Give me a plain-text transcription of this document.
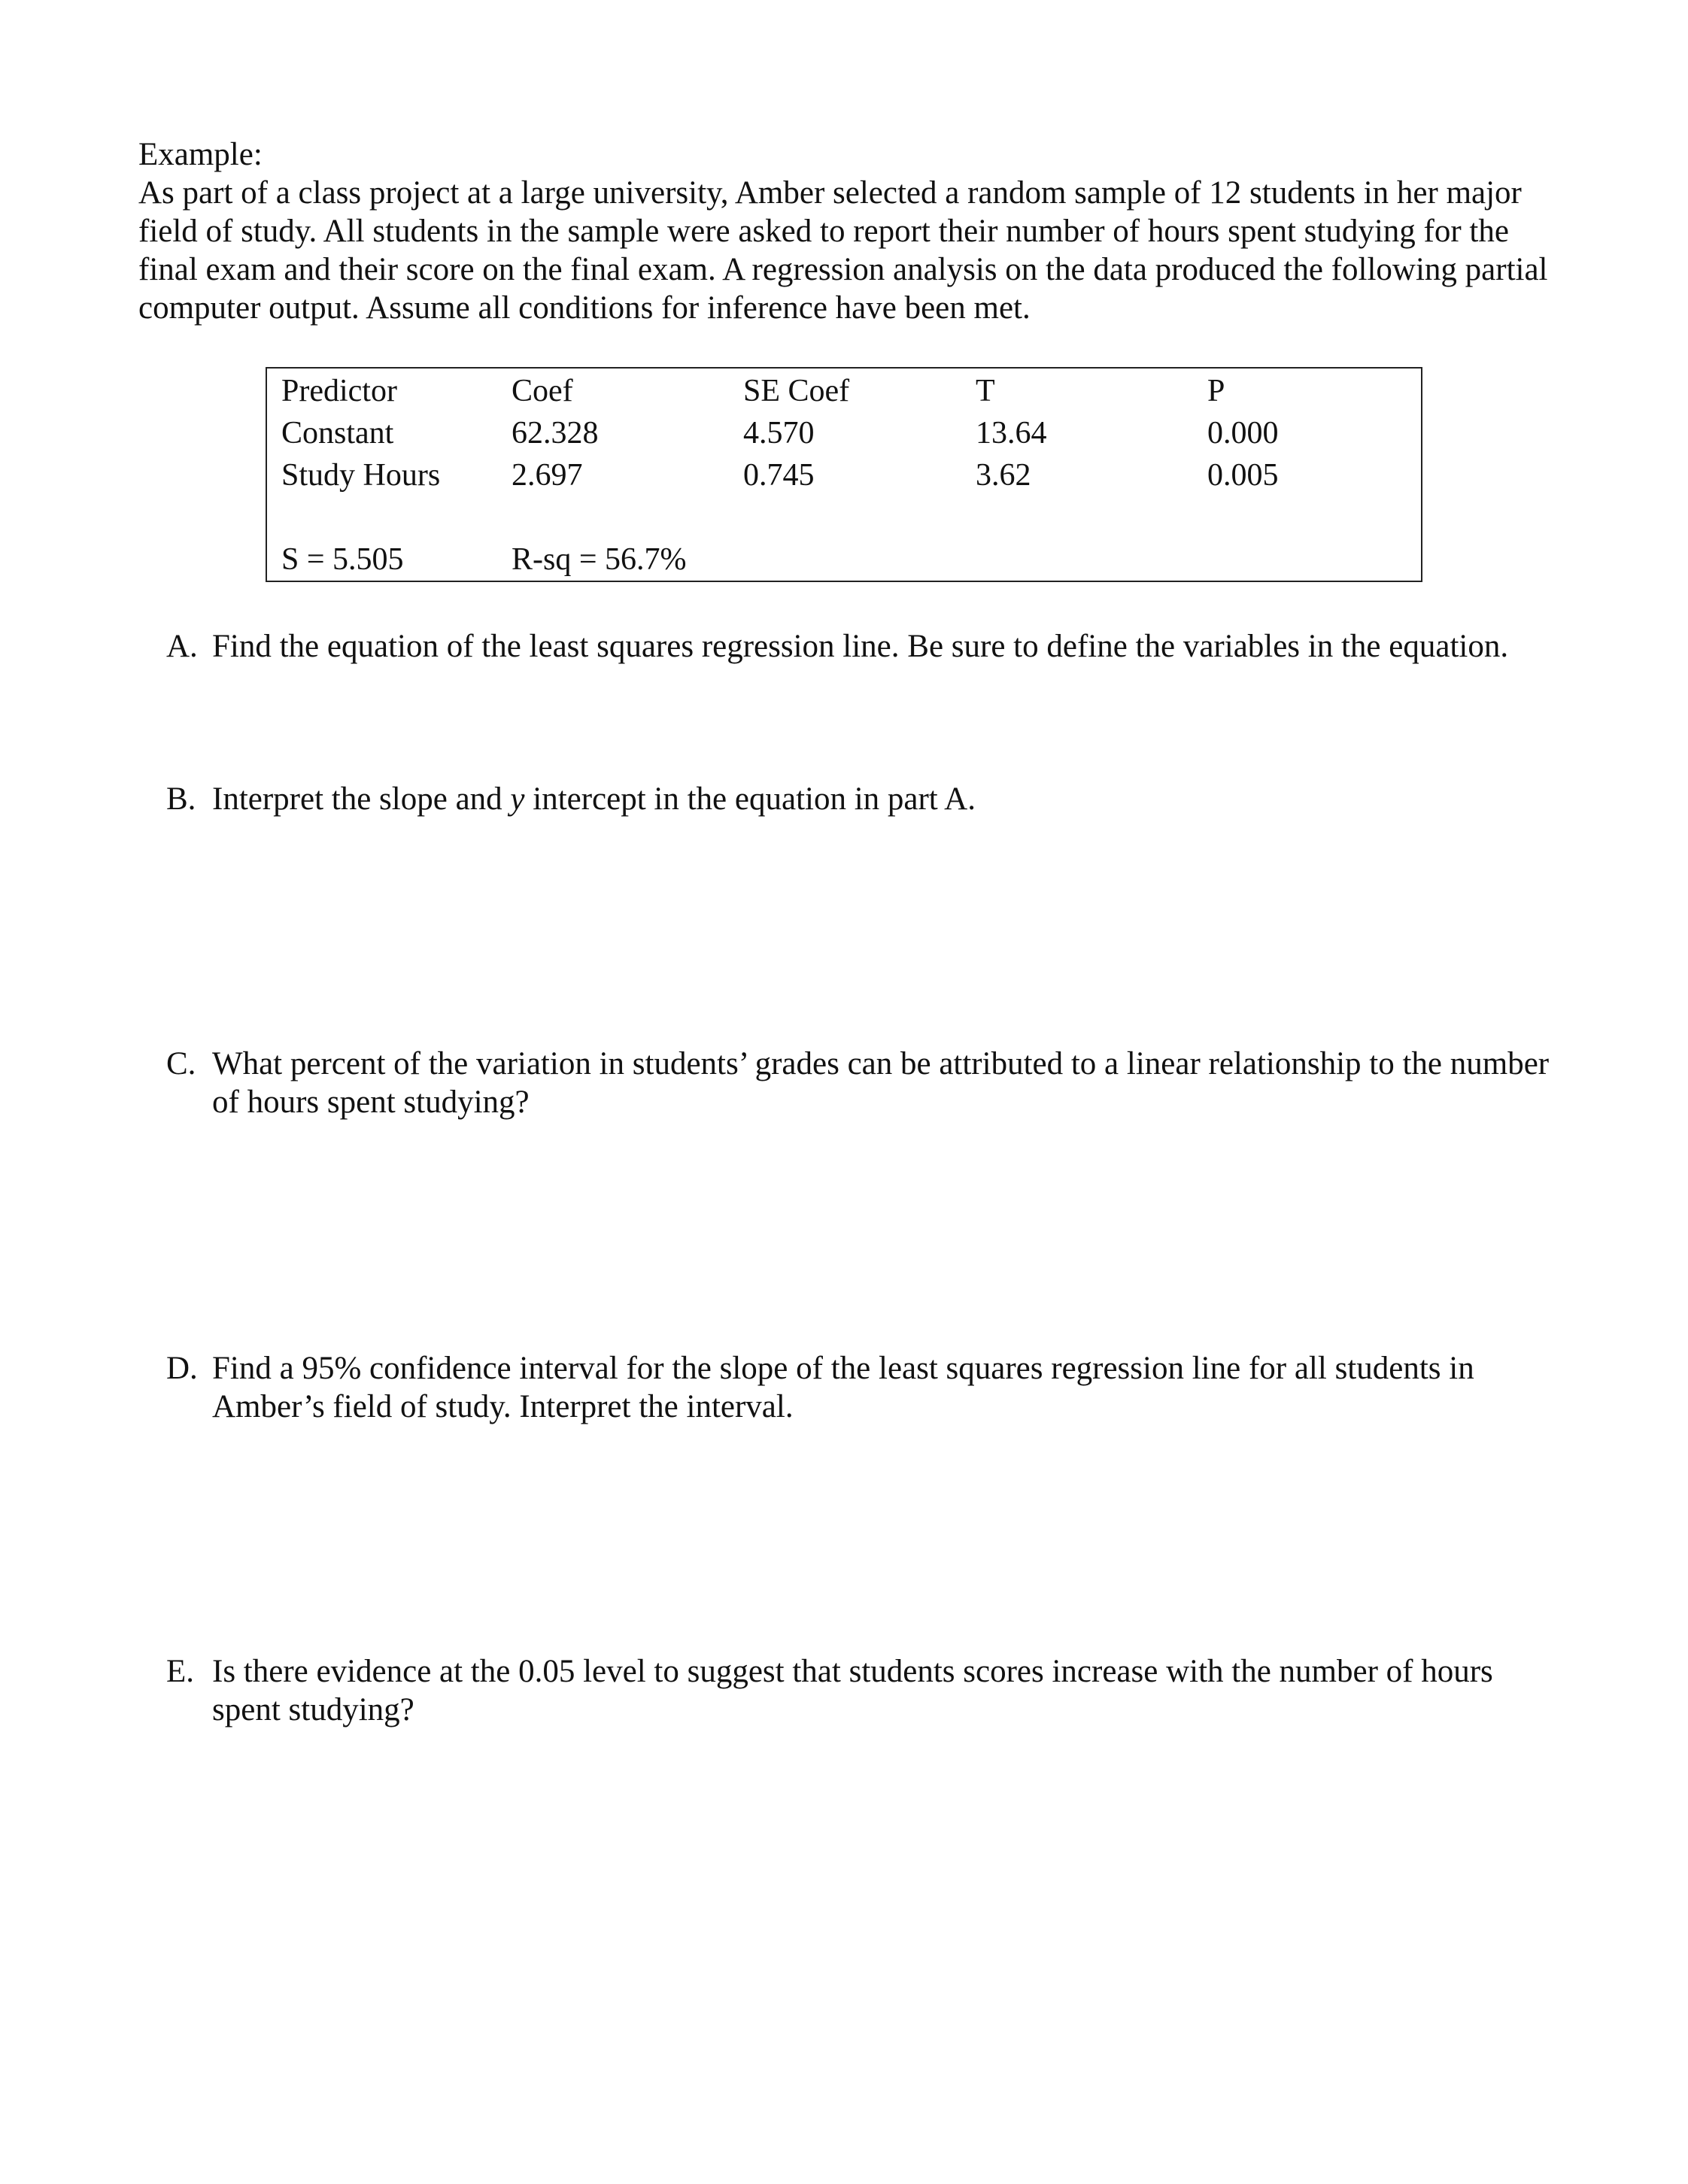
Example:

As part of a class project at a large university, Amber selected a random sample of 12 students in her major field of study. All students in the sample were asked to report their number of hours spent studying for the final exam and their score on the final exam. A regression analysis on the data produced the following partial computer output. Assume all conditions for inference have been met.

Predictor	Coef	SE Coef	T	P
Constant	62.328	4.570	13.64	0.000
Study Hours 2.697	0.745	3.62	0.005
S = 5.505	R-sq = 56.7%
A. Find the equation of the least squares regression line. Be sure to define the variables in the equation.
B. Interpret the slope and y intercept in the equation in part A.
C. What percent of the variation in students’ grades can be attributed to a linear relationship to the number of hours spent studying?
D. Find a 95% confidence interval for the slope of the least squares regression line for all students in Amber’s field of study. Interpret the interval.
E. Is there evidence at the 0.05 level to suggest that students scores increase with the number of hours spent studying?
